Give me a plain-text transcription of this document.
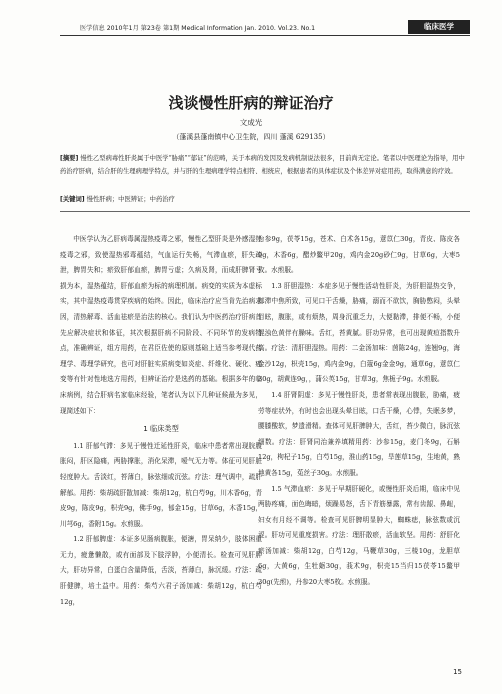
医学信息 2010年1月 第23卷 第1期 Medical Information Jan. 2010. Vol.23. No.1	临床医学
浅谈慢性肝病的辩证治疗
文成光
（蓬溪县蓬南镇中心卫生院，四川 蓬溪 629135）
[摘要] 慢性乙型病毒性肝炎属于中医学“胁痛”“郁证”的范畴，关于本病的发因及发病机制说法很多，目前尚无定论。笔者以中医理论为指导，用中药治疗肝病，结合肝的生理病理学特点，并与肝的生理病理学特点相符、相统应，根据患者的具体症状及个体差异对症用药，取得满意的疗效。
[关键词] 慢性肝病；中医辨证；中药治疗

中医学认为乙肝病毒属湿热疫毒之邪，慢性乙型肝炎是外感湿热疫毒之邪，致使湿热邪毒蕴结，气血运行失畅，气滞血瘀，肝失疏泄，脾胃失和；瘀致肝郁血瘀，脾胃亏虚；久病及肾，而成肝脾肾亏损为本，湿热蕴结，肝郁血瘀为标的病理机制。病变的实质为本虚标实，其中湿热疫毒贯穿疾病的始终。因此，临床治疗应当肯先治病求因，清热解毒、活血祛瘀是治法的核心。我们认为中医药治疗肝病首先应解决症状和体征，其次根据肝病不同阶段、不同环节的发病特点，准确辨证，组方用药，在君臣佐使的原则基础上适当参考现代药理学、毒理学研究，也可对肝脏实质病变如炎症、纤维化、硬化、癌变等有针对性地选方用药，但辨证治疗是选药的基础。根据多年的临床病例，结合肝病名家临床经验，笔者认为以下几种证候最为多见，现简述如下：

1 临床类型

1.1 肝郁气滞：多见于慢性迁延性肝炎，临床中患者常出现脘腹胀闷，肝区隐痛，两胁撑胀，消化呆滞，嗳气无力等。体征可见肝脏轻度肿大。舌淡红，苔薄白，脉弦细或沉弦。疗法：理气调中，疏肝解郁。用药：柴胡疏肝散加减：柴胡12g，杭白芍9g，川木香6g，青皮9g，陈皮9g，枳壳9g，佛手9g，郁金15g，甘草6g，木香15g，川芎6g，香附15g。水煎服。

1.2 肝郁脾虚：本证多见肠病腹胀，便溏，胃呆纳少，肢体困重无力，疲惫懒散，或有面部及下肢浮肿，小便清长。检查可见肝肿大，肝功异常，白蛋白含量降低，舌淡，苔薄白，脉沉缓。疗法：疏肝健脾，培土益中。用药：柴芍六君子汤加减：柴胡12g，杭白芍12g，

台参9g，茯苓15g，苍术、白术各15g，薏苡仁30g，青皮、陈皮各9g，木香6g，醋炒鳖甲20g，鸡内金20g砂仁9g，甘草6g，大枣5枚。水煎服。

1.3 肝胆湿热：本症多见于慢性活动性肝炎，为肝胆湿热交争，郁滞中焦所致，可见口干舌燥，胁痛，溺而不欲饮，胸胁憋闷，头晕目眩，腹胀，或有烦热，周身沉重乏力，大便黏滞，排便不畅，小便混浊色黄伴有臊味。舌红，苔黄腻。肝功异常，也可出现黄疸指数升高。疗法：清肝胆湿热。用药：二金汤加味：茵陈24g，连翘9g，海金沙12g，枳壳15g，鸡内金9g，白蔻6g金金9g，通草6g，薏苡仁30g，胡黄连9g，，蒲公英15g，甘草3g，焦栀子9g。水煎服。

1.4 肝肾阴虚：多见于慢性肝炎，患者常表现出腹胀，胁痛，疲劳等症状外，有时也会出现头晕目眩，口舌干燥，心悸，失眠多梦，腰膝酸软，梦遗滑精。查体可见肝脾肿大，舌红，苔少微白，脉沉弦细数。疗法：肝肾同治兼养填精用药：沙参15g，麦门冬9g，石斛12g，枸杞子15g，白芍15g，淮山药15g，旱莲草15g，生地黄，熟地黄各15g，菟丝子30g。水煎服。

1.5 气滞血瘀：多见于早期肝硬化，或慢性肝炎后期，临床中见两胁疼痛，面色晦暗，烦躁易怒，舌下青筋暴露，常有齿龈、鼻衄，妇女有月经不调等。检查可见肝脾明显肿大，蜘蛛痣，脉弦数或沉涩。肝功可见重度损害。疗法：理肝散瘀，活血软坚。用药：舒肝化瘀汤加减：柴胡12g，白芍12g，马鞭草30g，三棱10g，龙胆草6g，大黄6g，生牡蛎30g，莪术9g，枳壳15当归15茯苓15鳖甲30g(先煎)，丹参20大枣5枚。水煎服。

15
